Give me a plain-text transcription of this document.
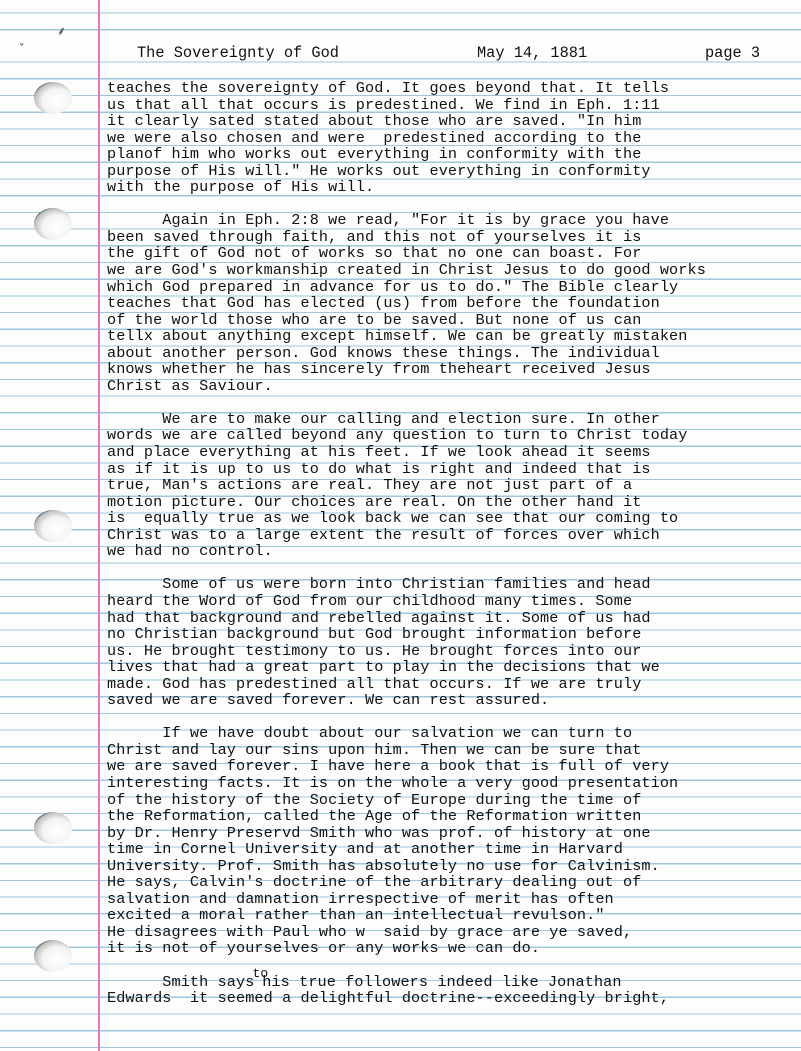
⸙
ˇ	The Sovereignty of God	May 14, 1881	page 3
teaches the sovereignty of God. It goes beyond that. It tells
us that all that occurs is predestined. We find in Eph. 1:11
it clearly sated stated about those who are saved. "In him
we were also chosen and were  predestined according to the
planof him who works out everything in conformity with the
purpose of His will." He works out everything in conformity
with the purpose of His will.
Again in Eph. 2:8 we read, "For it is by grace you have
been saved through faith, and this not of yourselves it is
the gift of God not of works so that no one can boast. For
we are God's workmanship created in Christ Jesus to do good works
which God prepared in advance for us to do." The Bible clearly
teaches that God has elected (us) from before the foundation
of the world those who are to be saved. But none of us can
tellx about anything except himself. We can be greatly mistaken
about another person. God knows these things. The individual
knows whether he has sincerely from theheart received Jesus
Christ as Saviour.
We are to make our calling and election sure. In other
words we are called beyond any question to turn to Christ today
and place everything at his feet. If we look ahead it seems
as if it is up to us to do what is right and indeed that is
true, Man's actions are real. They are not just part of a
motion picture. Our choices are real. On the other hand it
is  equally true as we look back we can see that our coming to
Christ was to a large extent the result of forces over which
we had no control.
Some of us were born into Christian families and head
heard the Word of God from our childhood many times. Some
had that background and rebelled against it. Some of us had
no Christian background but God brought information before
us. He brought testimony to us. He brought forces into our
lives that had a great part to play in the decisions that we
made. God has predestined all that occurs. If we are truly
saved we are saved forever. We can rest assured.
If we have doubt about our salvation we can turn to
Christ and lay our sins upon him. Then we can be sure that
we are saved forever. I have here a book that is full of very
interesting facts. It is on the whole a very good presentation
of the history of the Society of Europe during the time of
the Reformation, called the Age of the Reformation written
by Dr. Henry Preservd Smith who was prof. of history at one
time in Cornel University and at another time in Harvard
University. Prof. Smith has absolutely no use for Calvinism.
He says, Calvin's doctrine of the arbitrary dealing out of
salvation and damnation irrespective of merit has often
excited a moral rather than an intellectual revulson."
He disagrees with Paul who w  said by grace are ye saved,
it is not of yourselves or any works we can do.
Smith saystohis true followers indeed like Jonathan
Edwards  it seemed a delightful doctrine--exceedingly bright,
